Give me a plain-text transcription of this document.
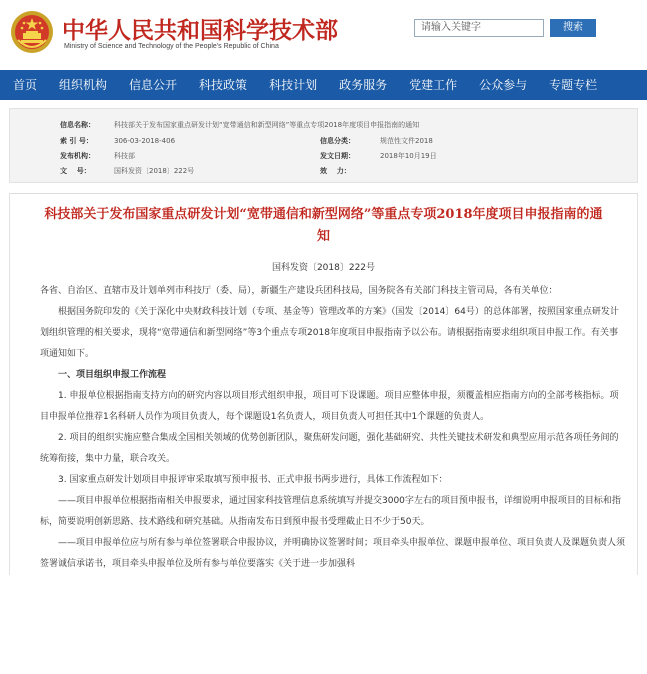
中华人民共和国科学技术部
Ministry of Science and Technology of the People's Republic of China
请输入关键字	搜索
首页	组织机构	信息公开	科技政策	科技计划	政务服务	党建工作	公众参与	专题专栏
信息名称：	科技部关于发布国家重点研发计划“宽带通信和新型网络”等重点专项2018年度项目申报指南的通知
索 引 号：	306-03-2018-406	信息分类：	规范性文件2018
发布机构：	科技部	发文日期：	2018年10月19日
文    号：	国科发资〔2018〕222号	效    力：
科技部关于发布国家重点研发计划“宽带通信和新型网络”等重点专项2018年度项目申报指南的通知
国科发资〔2018〕222号

各省、自治区、直辖市及计划单列市科技厅（委、局），新疆生产建设兵团科技局，国务院各有关部门科技主管司局，各有关单位：

根据国务院印发的《关于深化中央财政科技计划（专项、基金等）管理改革的方案》（国发〔2014〕64号）的总体部署，按照国家重点研发计划组织管理的相关要求，现将“宽带通信和新型网络”等3个重点专项2018年度项目申报指南予以公布。请根据指南要求组织项目申报工作。有关事项通知如下。

一、项目组织申报工作流程

1. 申报单位根据指南支持方向的研究内容以项目形式组织申报，项目可下设课题。项目应整体申报，须覆盖相应指南方向的全部考核指标。项目申报单位推荐1名科研人员作为项目负责人，每个课题设1名负责人，项目负责人可担任其中1个课题的负责人。

2. 项目的组织实施应整合集成全国相关领域的优势创新团队，聚焦研发问题，强化基础研究、共性关键技术研发和典型应用示范各项任务间的统筹衔接，集中力量，联合攻关。

3. 国家重点研发计划项目申报评审采取填写预申报书、正式申报书两步进行，具体工作流程如下：

——项目申报单位根据指南相关申报要求，通过国家科技管理信息系统填写并提交3000字左右的项目预申报书，详细说明申报项目的目标和指标，简要说明创新思路、技术路线和研究基础。从指南发布日到预申报书受理截止日不少于50天。

——项目申报单位应与所有参与单位签署联合申报协议，并明确协议签署时间；项目牵头申报单位、课题申报单位、项目负责人及课题负责人须签署诚信承诺书，项目牵头申报单位及所有参与单位要落实《关于进一步加强科
